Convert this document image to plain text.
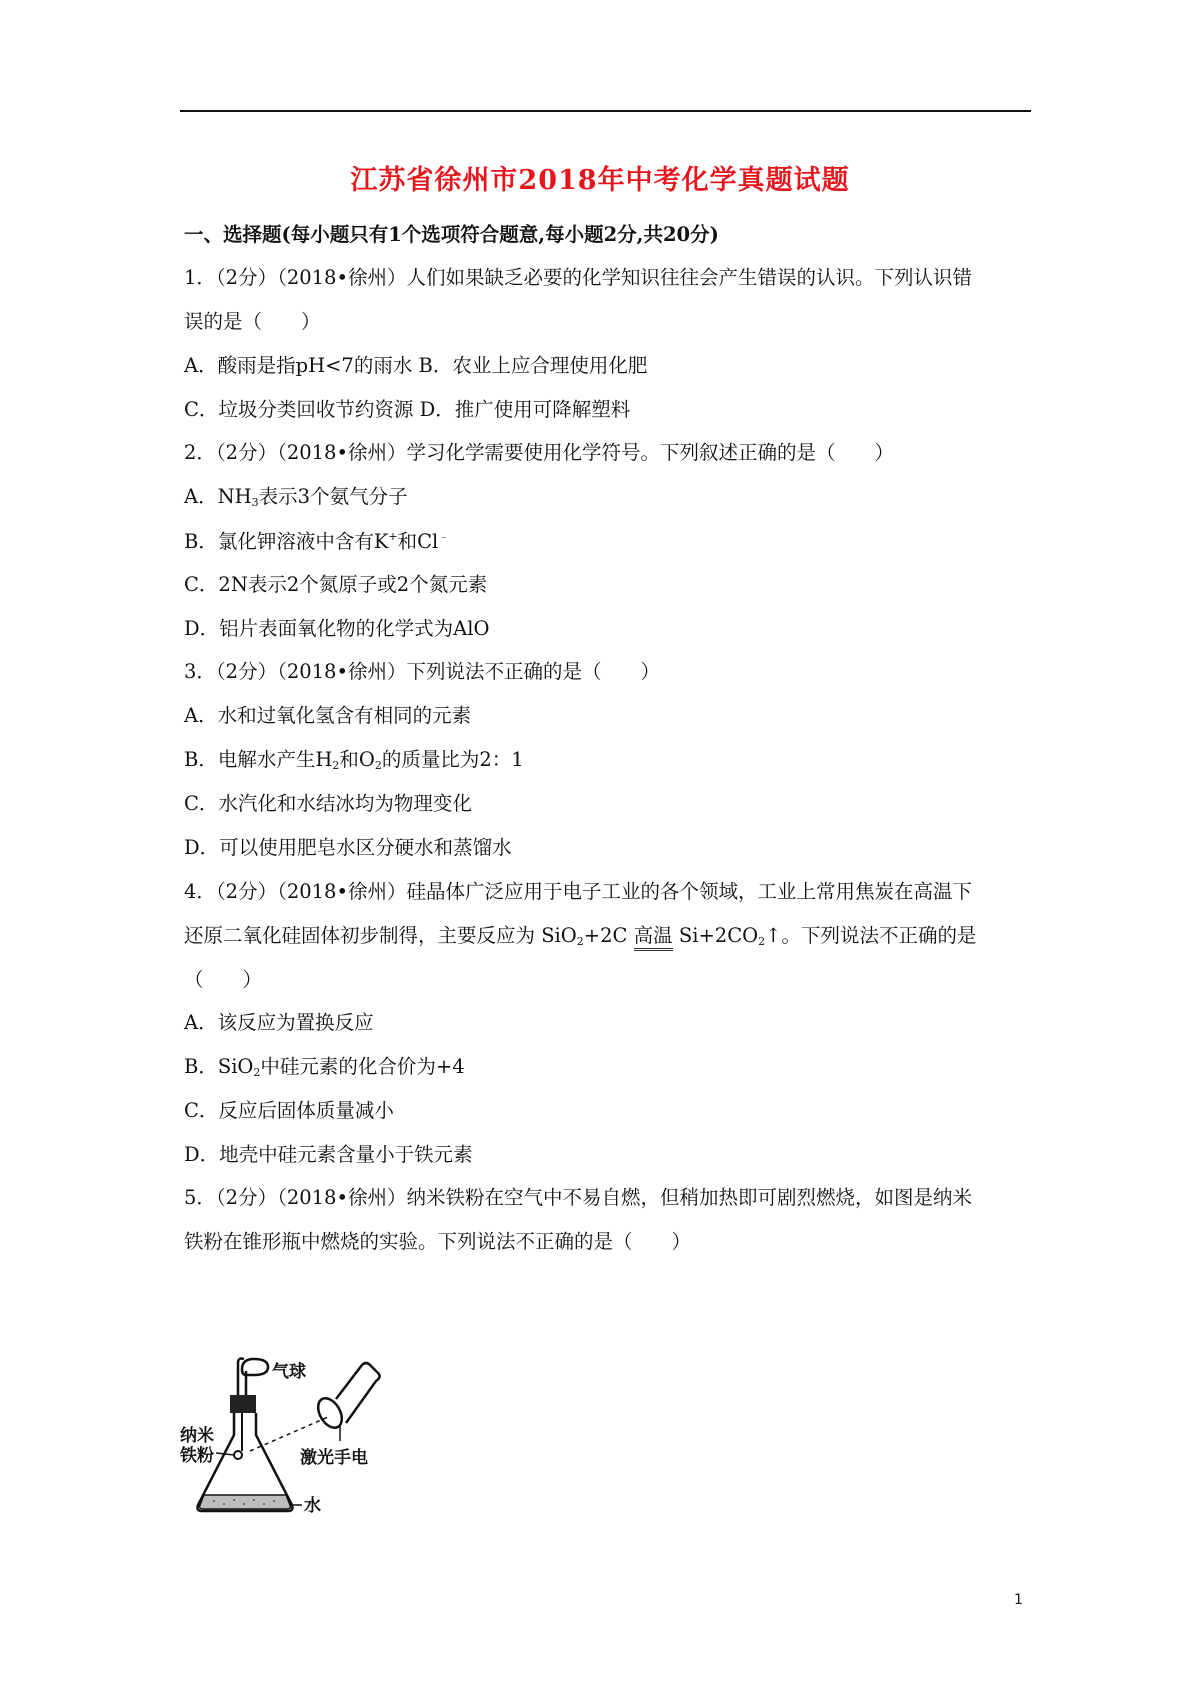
江苏省徐州市2018年中考化学真题试题
一、选择题(每小题只有1个选项符合题意,每小题2分,共20分)
1．（2分）（2018•徐州）人们如果缺乏必要的化学知识往往会产生错误的认识。下列认识错
误的是（　　）
A．酸雨是指pH<7的雨水 B．农业上应合理使用化肥
C．垃圾分类回收节约资源 D．推广使用可降解塑料
2．（2分）（2018•徐州）学习化学需要使用化学符号。下列叙述正确的是（　　）
A．$NH_3$表示3个氨气分子
B．氯化钾溶液中含有K+和Cl﹣
C．2N表示2个氮原子或2个氮元素
D．铝片表面氧化物的化学式为AlO
3．（2分）（2018•徐州）下列说法不正确的是（　　）
A．水和过氧化氢含有相同的元素
B．电解水产生$H_2$和$O_2$的质量比为2：1
C．水汽化和水结冰均为物理变化
D．可以使用肥皂水区分硬水和蒸馏水
4．（2分）（2018•徐州）硅晶体广泛应用于电子工业的各个领域，工业上常用焦炭在高温下
还原二氧化硅固体初步制得，主要反应为 SiO$_2$+2C 高温 $Si+2CO_2↑$。下列说法不正确的是
（　　）
A．该反应为置换反应
B．SiO$_2$中硅元素的化合价为+4
C．反应后固体质量减小
D．地壳中硅元素含量小于铁元素
5．（2分）（2018•徐州）纳米铁粉在空气中不易自燃，但稍加热即可剧烈燃烧，如图是纳米
铁粉在锥形瓶中燃烧的实验。下列说法不正确的是（　　）
气球
纳米
铁粉	激光手电
水
1
